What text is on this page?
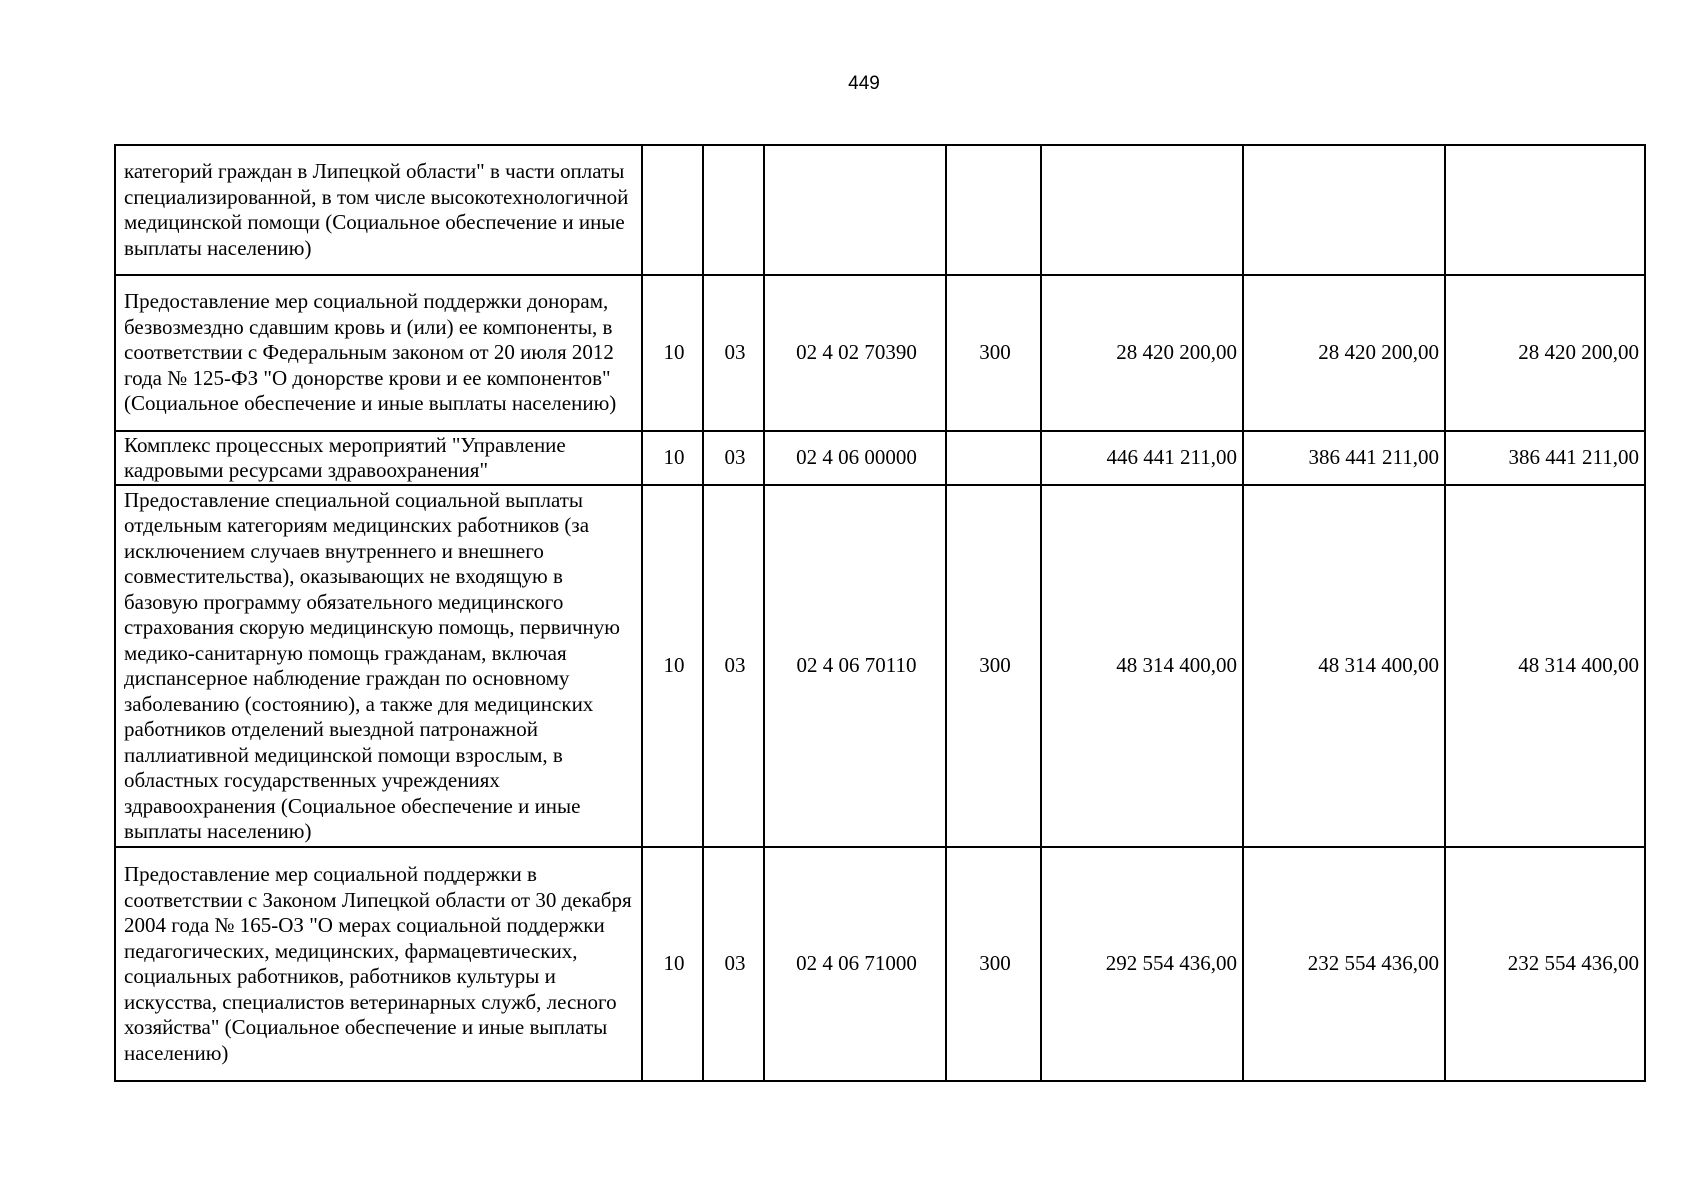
449
категорий граждан в Липецкой области" в части оплаты специализированной, в том числе высокотехнологичной медицинской помощи (Социальное обеспечение и иные выплаты населению)							
Предоставление мер социальной поддержки донорам, безвозмездно сдавшим кровь и (или) ее компоненты, в соответствии с Федеральным законом от 20 июля 2012 года № 125-ФЗ "О донорстве крови и ее компонентов" (Социальное обеспечение и иные выплаты населению)	10	03	02 4 02 70390	300	28 420 200,00	28 420 200,00	28 420 200,00
Комплекс процессных мероприятий "Управление кадровыми ресурсами здравоохранения"	10	03	02 4 06 00000		446 441 211,00	386 441 211,00	386 441 211,00
Предоставление специальной социальной выплаты отдельным категориям медицинских работников (за исключением случаев внутреннего и внешнего совместительства), оказывающих не входящую в базовую программу обязательного медицинского страхования скорую медицинскую помощь, первичную медико-санитарную помощь гражданам, включая диспансерное наблюдение граждан по основному заболеванию (состоянию), а также для медицинских работников отделений выездной патронажной паллиативной медицинской помощи взрослым, в областных государственных учреждениях здравоохранения (Социальное обеспечение и иные выплаты населению)	10	03	02 4 06 70110	300	48 314 400,00	48 314 400,00	48 314 400,00
Предоставление мер социальной поддержки в соответствии с Законом Липецкой области от 30 декабря 2004 года № 165-ОЗ "О мерах социальной поддержки педагогических, медицинских, фармацевтических, социальных работников, работников культуры и искусства, специалистов ветеринарных служб, лесного хозяйства" (Социальное обеспечение и иные выплаты населению)	10	03	02 4 06 71000	300	292 554 436,00	232 554 436,00	232 554 436,00
